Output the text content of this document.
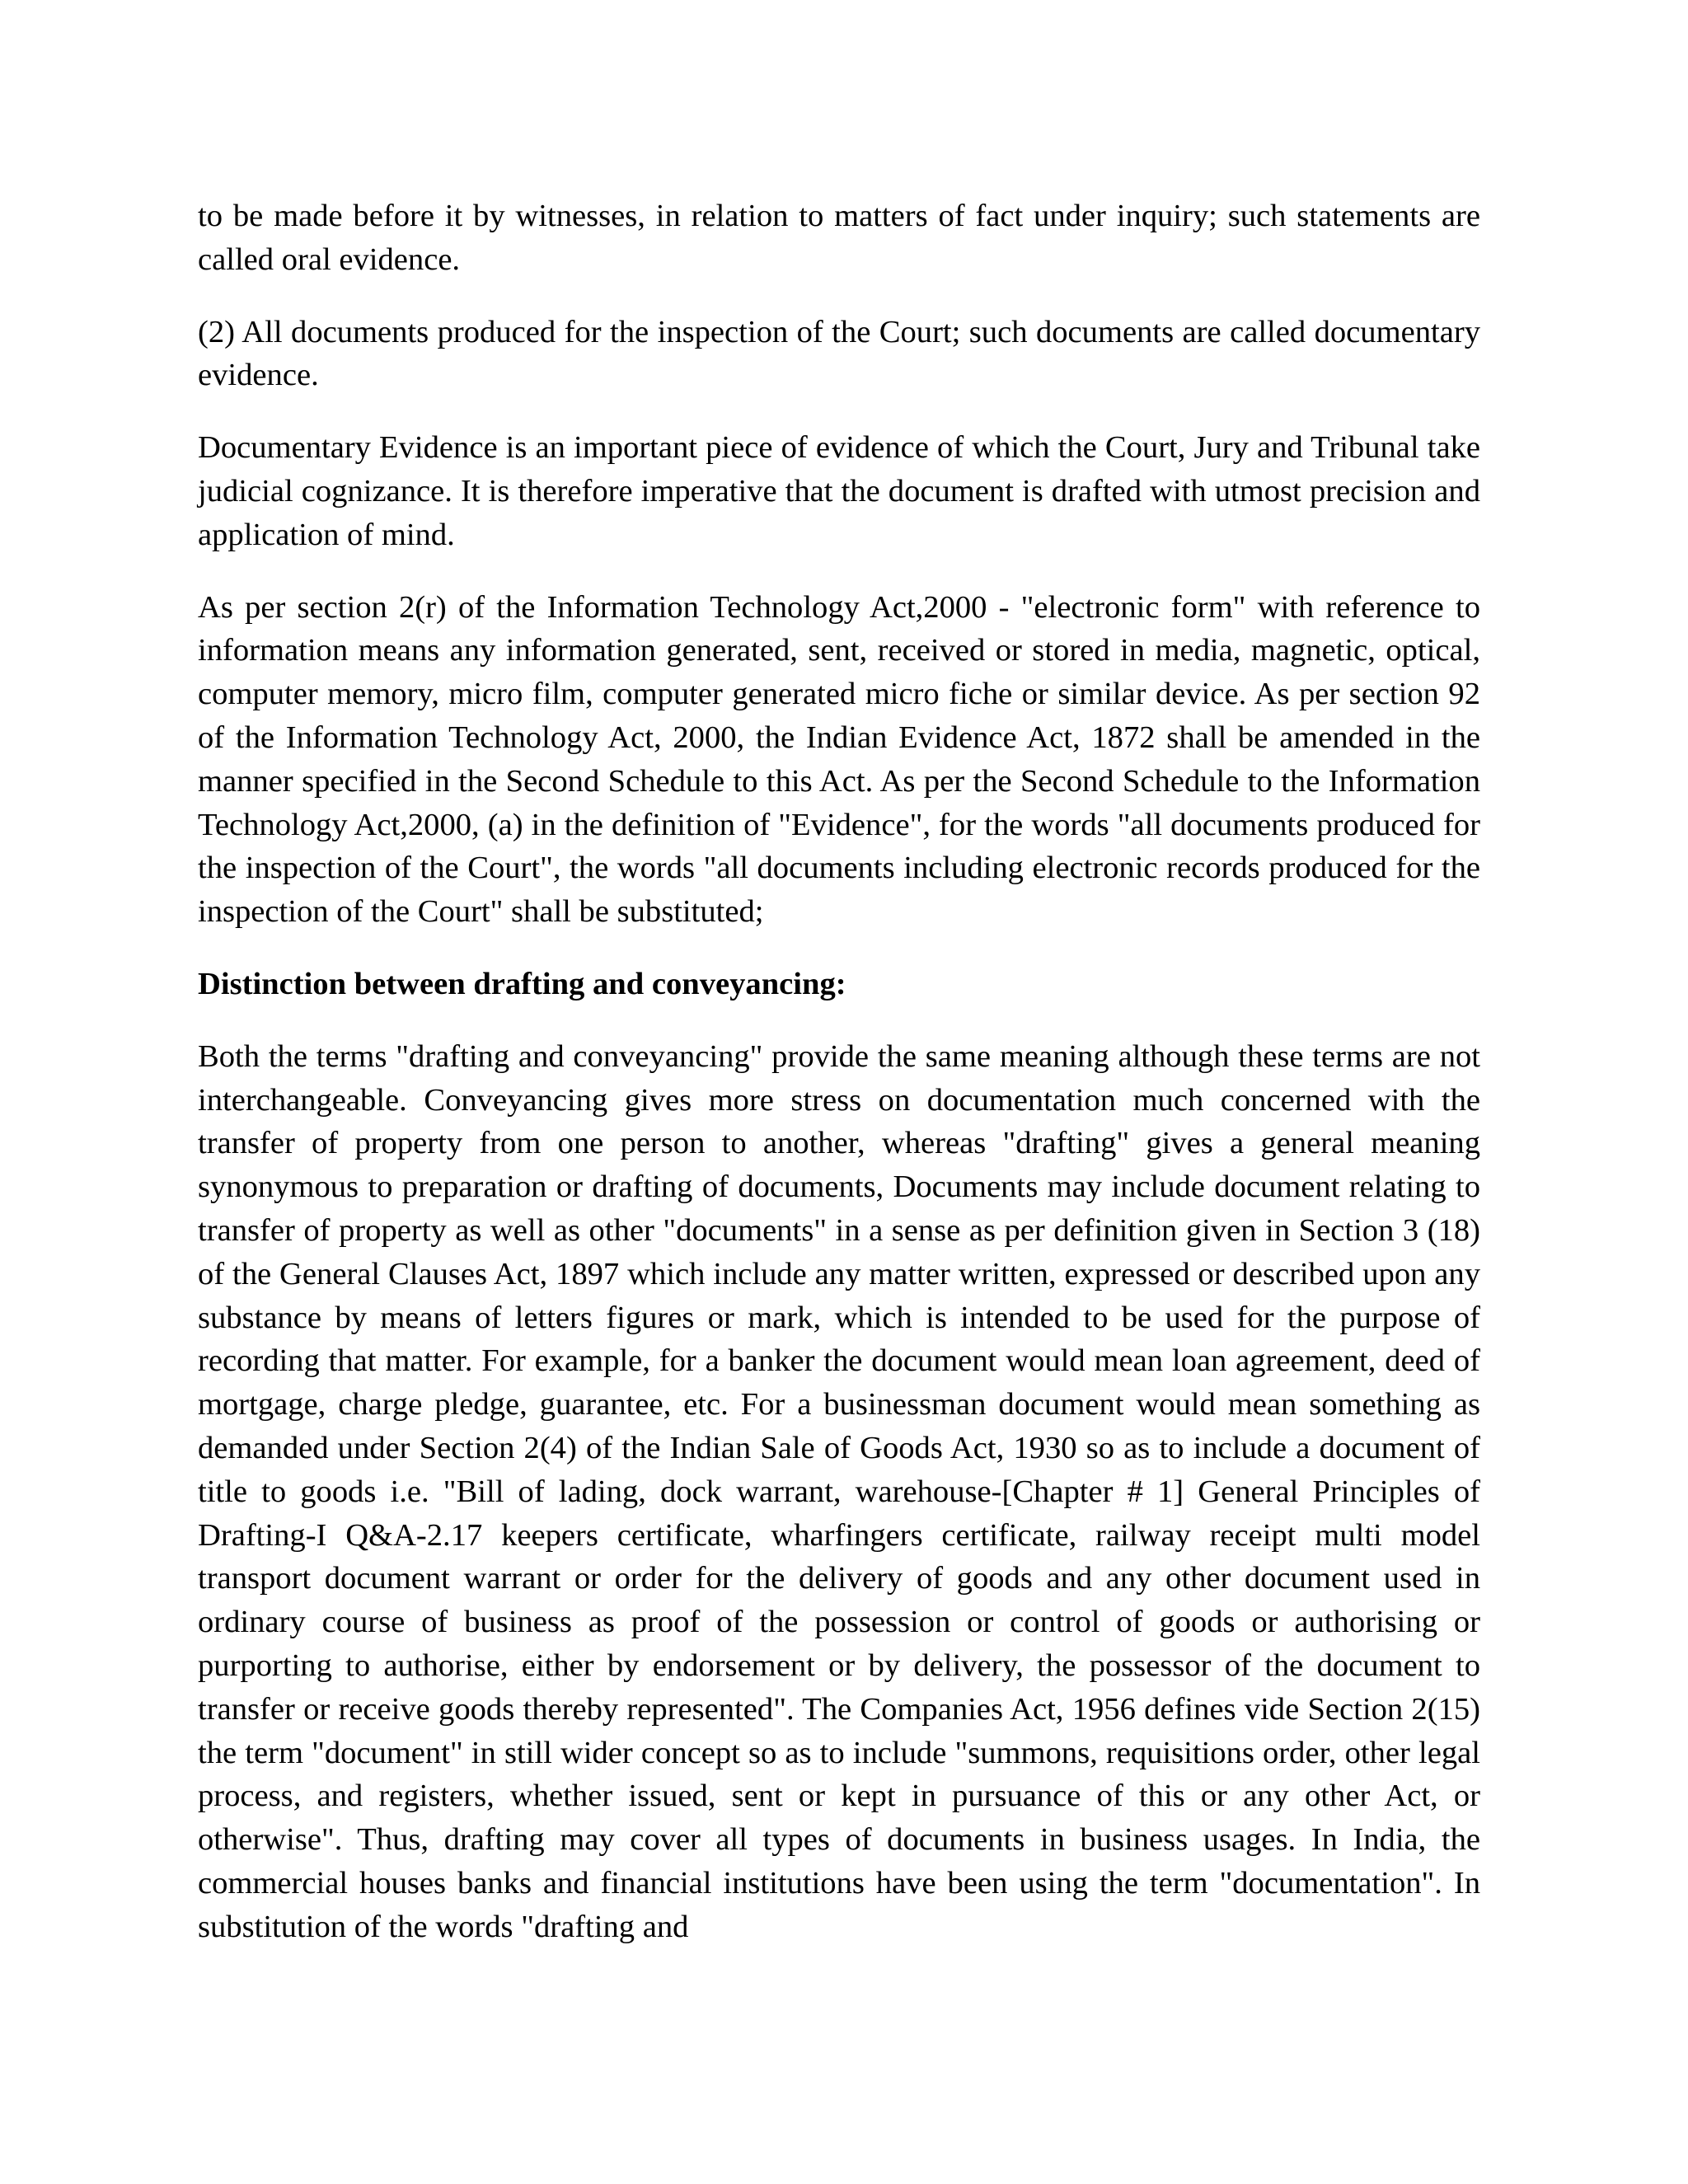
to be made before it by witnesses, in relation to matters of fact under inquiry; such statements are called oral evidence.

(2) All documents produced for the inspection of the Court; such documents are called documentary evidence.

Documentary Evidence is an important piece of evidence of which the Court, Jury and Tribunal take judicial cognizance. It is therefore imperative that the document is drafted with utmost precision and application of mind.

As per section 2(r) of the Information Technology Act,2000 - "electronic form" with reference to information means any information generated, sent, received or stored in media, magnetic, optical, computer memory, micro film, computer generated micro fiche or similar device. As per section 92 of the Information Technology Act, 2000, the Indian Evidence Act, 1872 shall be amended in the manner specified in the Second Schedule to this Act. As per the Second Schedule to the Information Technology Act,2000, (a) in the definition of "Evidence", for the words "all documents produced for the inspection of the Court", the words "all documents including electronic records produced for the inspection of the Court" shall be substituted;

Distinction between drafting and conveyancing:

Both the terms "drafting and conveyancing" provide the same meaning although these terms are not interchangeable. Conveyancing gives more stress on documentation much concerned with the transfer of property from one person to another, whereas "drafting" gives a general meaning synonymous to preparation or drafting of documents, Documents may include document relating to transfer of property as well as other "documents" in a sense as per definition given in Section 3 (18) of the General Clauses Act, 1897 which include any matter written, expressed or described upon any substance by means of letters figures or mark, which is intended to be used for the purpose of recording that matter. For example, for a banker the document would mean loan agreement, deed of mortgage, charge pledge, guarantee, etc. For a businessman document would mean something as demanded under Section 2(4) of the Indian Sale of Goods Act, 1930 so as to include a document of title to goods i.e. "Bill of lading, dock warrant, warehouse-[Chapter # 1] General Principles of Drafting-I Q&A-2.17 keepers certificate, wharfingers certificate, railway receipt multi model transport document warrant or order for the delivery of goods and any other document used in ordinary course of business as proof of the possession or control of goods or authorising or purporting to authorise, either by endorsement or by delivery, the possessor of the document to transfer or receive goods thereby represented". The Companies Act, 1956 defines vide Section 2(15) the term "document" in still wider concept so as to include "summons, requisitions order, other legal process, and registers, whether issued, sent or kept in pursuance of this or any other Act, or otherwise". Thus, drafting may cover all types of documents in business usages. In India, the commercial houses banks and financial institutions have been using the term "documentation". In substitution of the words "drafting and
